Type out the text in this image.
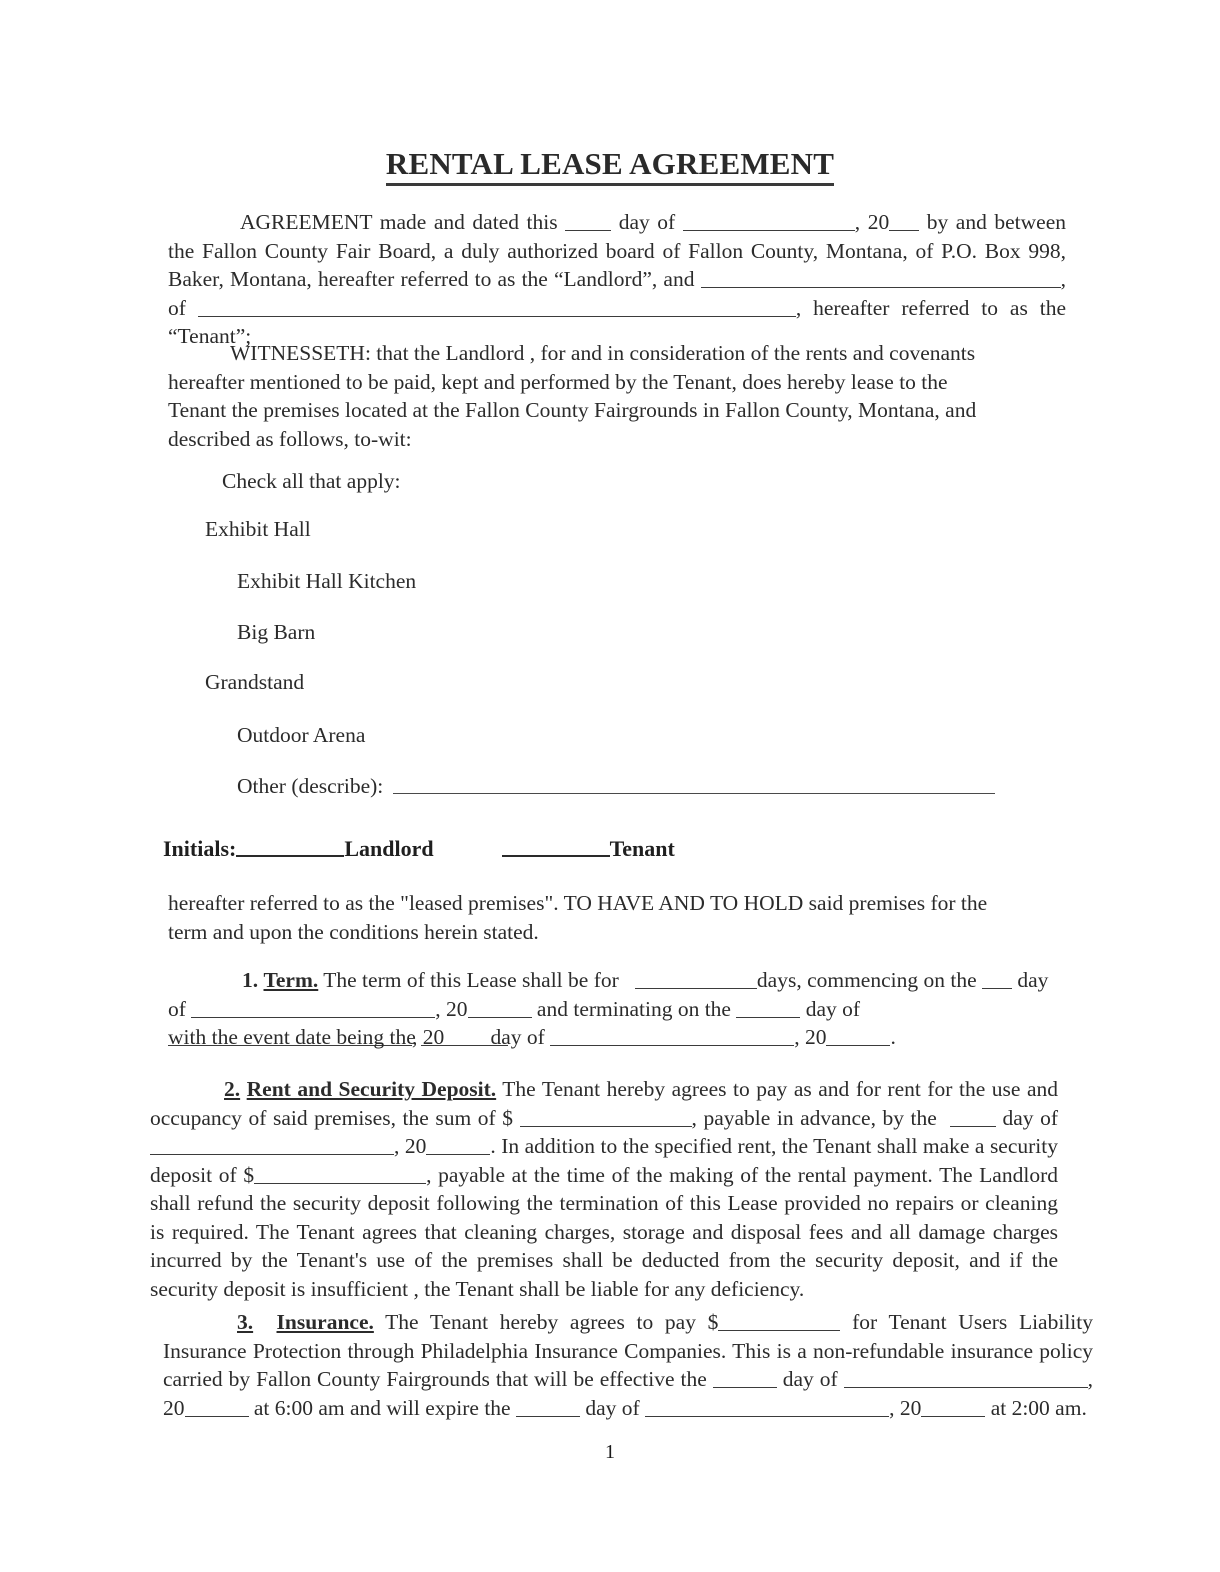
RENTAL LEASE AGREEMENT
AGREEMENT made and dated this  day of	, 20 by and between the Fallon County Fair Board, a duly authorized board of Fallon County, Montana, of P.O. Box 998, Baker, Montana, hereafter referred to as the “Landlord”, and	, of	, hereafter referred to as the “Tenant”;
WITNESSETH: that the Landlord , for and in consideration of the rents and covenants hereafter mentioned to be paid, kept and performed by the Tenant, does hereby lease to the Tenant the premises located at the Fallon County Fairgrounds in Fallon County, Montana, and described as follows, to-wit:
Check all that apply:
Exhibit Hall
Exhibit Hall Kitchen
Big Barn
Grandstand
Outdoor Arena
Other (describe):
Initials:	Landlord	Tenant
hereafter referred to as the "leased premises". TO HAVE AND TO HOLD said premises for the term and upon the conditions herein stated.
1. Term. The term of this Lease shall be for	days, commencing on the day of	, 20	and terminating on the	day of , 20
with the event date being the	day of	, 20	.
2. Rent and Security Deposit. The Tenant hereby agrees to pay as and for rent for the use and occupancy of said premises, the sum of $	, payable in advance, by the	day of , 20	. In addition to the specified rent, the Tenant shall make a security deposit of $	, payable at the time of the making of the rental payment. The Landlord shall refund the security deposit following the termination of this Lease provided no repairs or cleaning is required. The Tenant agrees that cleaning charges, storage and disposal fees and all damage charges incurred by the Tenant's use of the premises shall be deducted from the security deposit, and if the security deposit is insufficient , the Tenant shall be liable for any deficiency.
3. Insurance. The Tenant hereby agrees to pay $	for Tenant Users Liability Insurance Protection through Philadelphia Insurance Companies. This is a non-refundable insurance policy carried by Fallon County Fairgrounds that will be effective the	day of	, 20	at 6:00 am and will expire the	day of	, 20	at 2:00 am.
1
